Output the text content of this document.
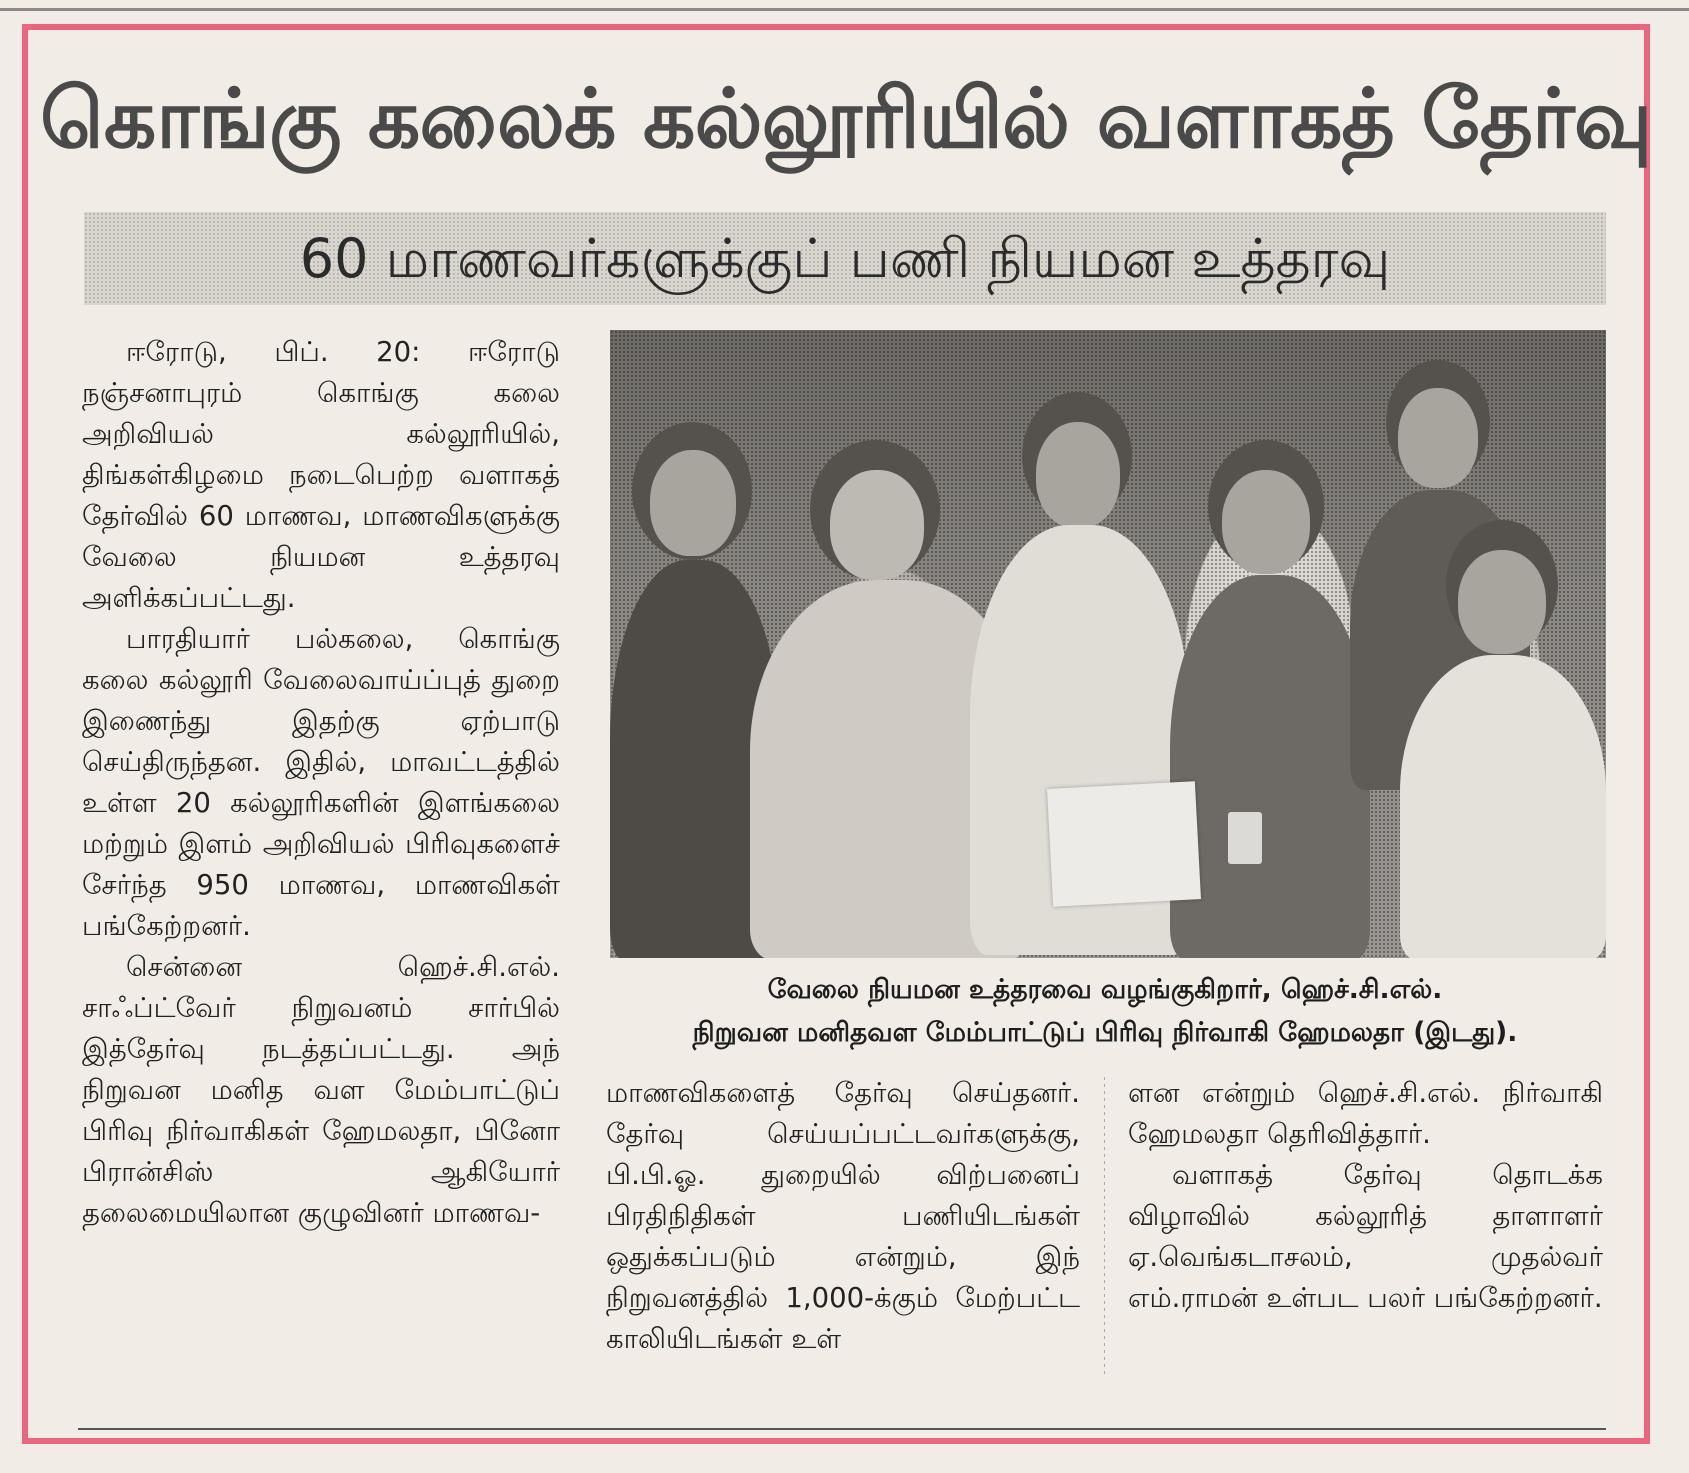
கொங்கு கலைக் கல்லூரியில் வளாகத் தேர்வு
60 மாணவர்களுக்குப் பணி நியமன உத்தரவு

ஈரோடு, பிப். 20: ஈரோடு நஞ்சனாபுரம் கொங்கு கலை அறிவியல் கல்லூரியில், திங்கள்கிழமை நடைபெற்ற வளாகத் தேர்வில் 60 மாணவ, மாணவிகளுக்கு வேலை நியமன உத்தரவு அளிக்கப்பட்டது.

பாரதியார் பல்கலை, கொங்கு கலை கல்லூரி வேலைவாய்ப்புத் துறை இணைந்து இதற்கு ஏற்பாடு செய்திருந்தன. இதில், மாவட்டத்தில் உள்ள 20 கல்லூரிகளின் இளங்கலை மற்றும் இளம் அறிவியல் பிரிவுகளைச் சேர்ந்த 950 மாணவ, மாணவிகள் பங்கேற்றனர்.

சென்னை ஹெச்.சி.எல். சாஃப்ட்வேர் நிறுவனம் சார்பில் இத்தேர்வு நடத்தப்பட்டது. அந் நிறுவன மனித வள மேம்பாட்டுப் பிரிவு நிர்வாகிகள் ஹேமலதா, பினோ பிரான்சிஸ் ஆகியோர் தலைமையிலான குழுவினர் மாணவ-

வேலை நியமன உத்தரவை வழங்குகிறார், ஹெச்.சி.எல்.
நிறுவன மனிதவள மேம்பாட்டுப் பிரிவு நிர்வாகி ஹேமலதா (இடது).

மாணவிகளைத் தேர்வு செய்தனர். தேர்வு செய்யப்பட்டவர்களுக்கு, பி.பி.ஓ. துறையில் விற்பனைப் பிரதிநிதிகள் பணியிடங்கள் ஒதுக்கப்படும் என்றும், இந் நிறுவனத்தில் 1,000-க்கும் மேற்பட்ட காலியிடங்கள் உள்

ளன என்றும் ஹெச்.சி.எல். நிர்வாகி ஹேமலதா தெரிவித்தார்.

வளாகத் தேர்வு தொடக்க விழாவில் கல்லூரித் தாளாளர் ஏ.வெங்கடாசலம், முதல்வர் எம்.ராமன் உள்பட பலர் பங்கேற்றனர்.
